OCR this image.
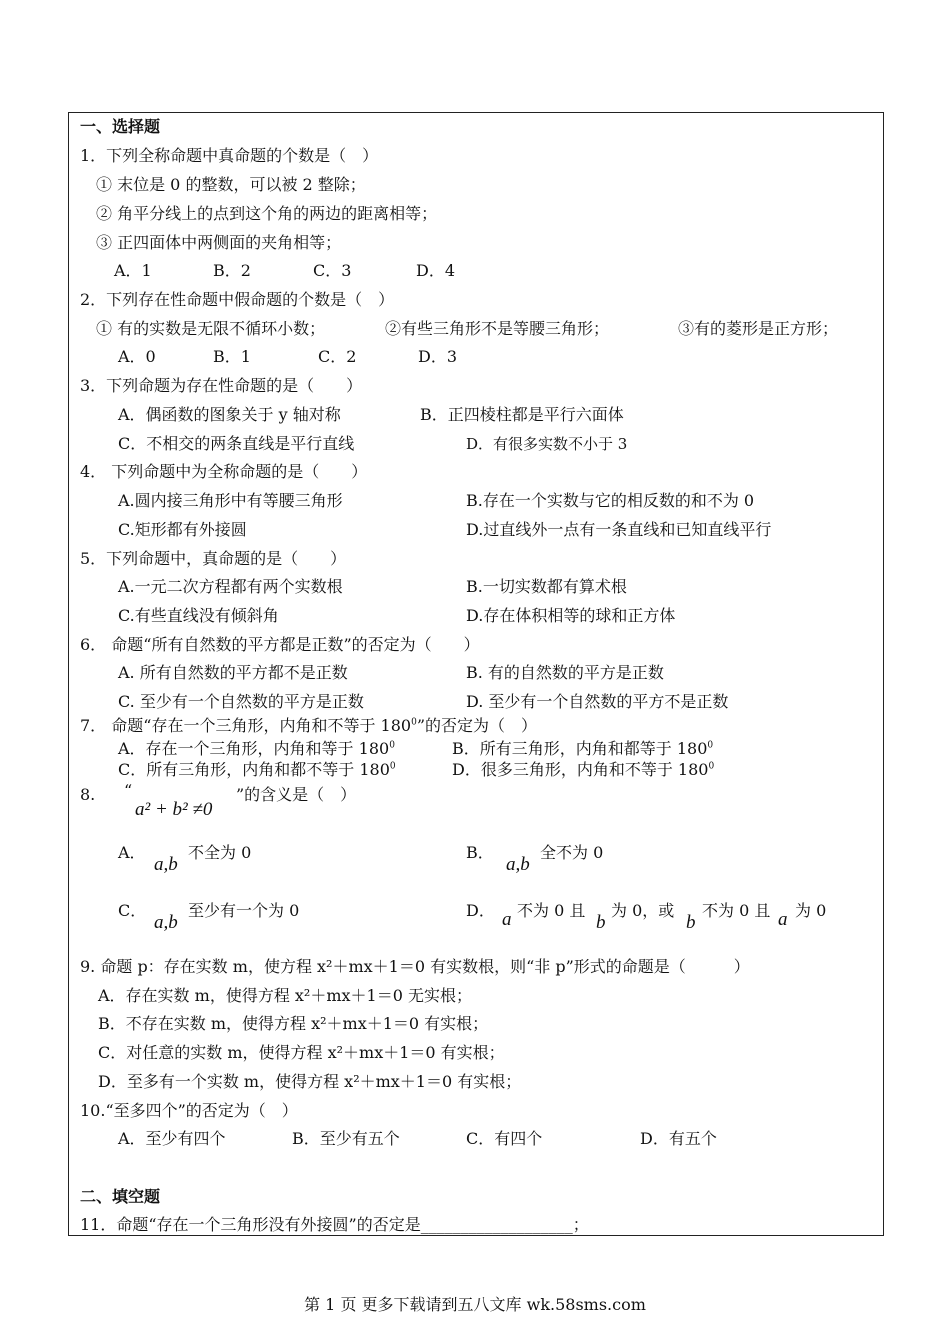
一、选择题
1．下列全称命题中真命题的个数是（　）
① 末位是 0 的整数，可以被 2 整除；
② 角平分线上的点到这个角的两边的距离相等；
③ 正四面体中两侧面的夹角相等；
A．1	B．2	C．3	D．4
2．下列存在性命题中假命题的个数是（　）
① 有的实数是无限不循环小数；	②有些三角形不是等腰三角形；	③有的菱形是正方形；
A．0	B．1	C．2	D．3
3．下列命题为存在性命题的是（　　）
A．偶函数的图象关于 y 轴对称	B．正四棱柱都是平行六面体
C．不相交的两条直线是平行直线	D．有很多实数不小于 3
4． 下列命题中为全称命题的是（　　）
A.圆内接三角形中有等腰三角形	B.存在一个实数与它的相反数的和不为 0
C.矩形都有外接圆	D.过直线外一点有一条直线和已知直线平行
5．下列命题中，真命题的是（　　）
A.一元二次方程都有两个实数根	B.一切实数都有算术根
C.有些直线没有倾斜角	D.存在体积相等的球和正方体
6． 命题“所有自然数的平方都是正数”的否定为（　　）
A. 所有自然数的平方都不是正数	B. 有的自然数的平方是正数
C. 至少有一个自然数的平方是正数	D. 至少有一个自然数的平方不是正数
7． 命题“存在一个三角形，内角和不等于 $180^0$”的否定为（　）
A．存在一个三角形，内角和等于 $180^0$	B．所有三角形，内角和都等于 $180^0$
C．所有三角形，内角和都不等于 $180^0$	D．很多三角形，内角和不等于 $180^0$
8. “
a² + b² ≠0
”的含义是（　）
A．
a,b
不全为 0	B．
a,b
全不为 0
C．
a,b
至少有一个为 0	D． a 不为 0 且
b
为 0，或
b
不为 0 且 a 为 0
9. 命题 p：存在实数 m，使方程 x²＋mx＋1＝0 有实数根，则“非 p”形式的命题是（　　　）
A．存在实数 m，使得方程 x²＋mx＋1＝0 无实根；
B．不存在实数 m，使得方程 x²＋mx＋1＝0 有实根；
C．对任意的实数 m，使得方程 x²＋mx＋1＝0 有实根；
D．至多有一个实数 m，使得方程 x²＋mx＋1＝0 有实根；
10.“至多四个”的否定为（　）
A．至少有四个	B．至少有五个	C．有四个	D．有五个
二、填空题
11．命题“存在一个三角形没有外接圆”的否定是___________________；
第 1 页 更多下载请到五八文库 wk.58sms.com
